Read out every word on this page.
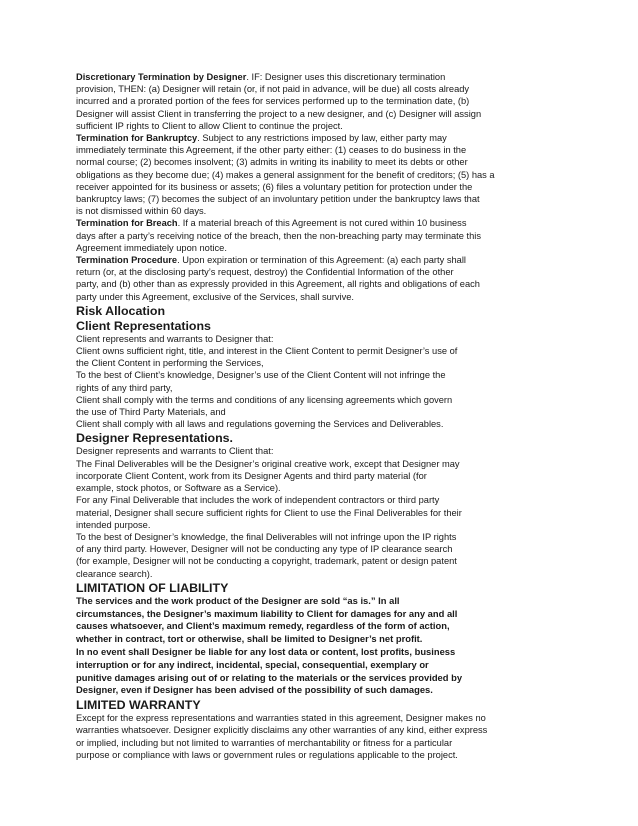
Discretionary Termination by Designer. IF: Designer uses this discretionary termination
provision, THEN: (a) Designer will retain (or, if not paid in advance, will be due) all costs already
incurred and a prorated portion of the fees for services performed up to the termination date, (b)
Designer will assist Client in transferring the project to a new designer, and (c) Designer will assign
sufficient IP rights to Client to allow Client to continue the project.
Termination for Bankruptcy. Subject to any restrictions imposed by law, either party may
immediately terminate this Agreement, if the other party either: (1) ceases to do business in the
normal course; (2) becomes insolvent; (3) admits in writing its inability to meet its debts or other
obligations as they become due; (4) makes a general assignment for the benefit of creditors; (5) has a
receiver appointed for its business or assets; (6) files a voluntary petition for protection under the
bankruptcy laws; (7) becomes the subject of an involuntary petition under the bankruptcy laws that
is not dismissed within 60 days.
Termination for Breach. If a material breach of this Agreement is not cured within 10 business
days after a party’s receiving notice of the breach, then the non-breaching party may terminate this
Agreement immediately upon notice.
Termination Procedure. Upon expiration or termination of this Agreement: (a) each party shall
return (or, at the disclosing party’s request, destroy) the Confidential Information of the other
party, and (b) other than as expressly provided in this Agreement, all rights and obligations of each
party under this Agreement, exclusive of the Services, shall survive.
Risk Allocation
Client Representations
Client represents and warrants to Designer that:
Client owns sufficient right, title, and interest in the Client Content to permit Designer’s use of
the Client Content in performing the Services,
To the best of Client’s knowledge, Designer’s use of the Client Content will not infringe the
rights of any third party,
Client shall comply with the terms and conditions of any licensing agreements which govern
the use of Third Party Materials, and
Client shall comply with all laws and regulations governing the Services and Deliverables.
Designer Representations.
Designer represents and warrants to Client that:
The Final Deliverables will be the Designer’s original creative work, except that Designer may
incorporate Client Content, work from its Designer Agents and third party material (for
example, stock photos, or Software as a Service).
For any Final Deliverable that includes the work of independent contractors or third party
material, Designer shall secure sufficient rights for Client to use the Final Deliverables for their
intended purpose.
To the best of Designer’s knowledge, the final Deliverables will not infringe upon the IP rights
of any third party. However, Designer will not be conducting any type of IP clearance search
(for example, Designer will not be conducting a copyright, trademark, patent or design patent
clearance search).
LIMITATION OF LIABILITY
The services and the work product of the Designer are sold “as is.” In all
circumstances, the Designer’s maximum liability to Client for damages for any and all
causes whatsoever, and Client’s maximum remedy, regardless of the form of action,
whether in contract, tort or otherwise, shall be limited to Designer’s net profit.
In no event shall Designer be liable for any lost data or content, lost profits, business
interruption or for any indirect, incidental, special, consequential, exemplary or
punitive damages arising out of or relating to the materials or the services provided by
Designer, even if Designer has been advised of the possibility of such damages.
LIMITED WARRANTY
Except for the express representations and warranties stated in this agreement, Designer makes no
warranties whatsoever. Designer explicitly disclaims any other warranties of any kind, either express
or implied, including but not limited to warranties of merchantability or fitness for a particular
purpose or compliance with laws or government rules or regulations applicable to the project.
